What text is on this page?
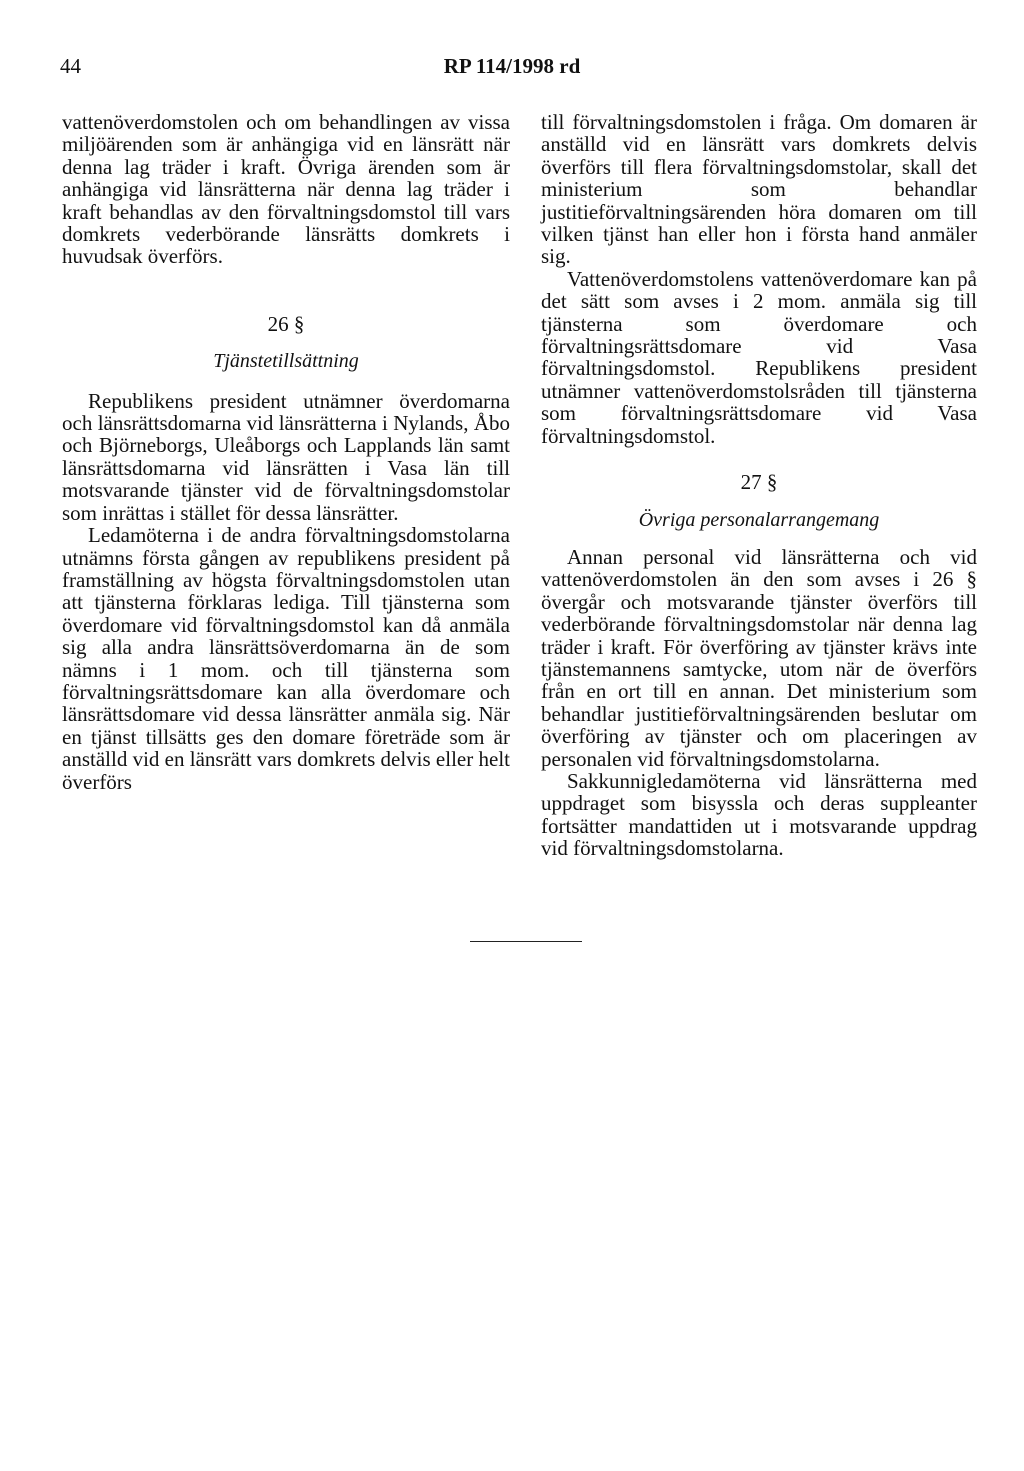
44	RP 114/1998 rd

vattenöverdomstolen och om behandlingen av vissa miljöärenden som är anhängiga vid en länsrätt när denna lag träder i kraft. Övriga ärenden som är anhängiga vid länsrätterna när denna lag träder i kraft behandlas av den förvaltningsdomstol till vars domkrets vederbörande länsrätts domkrets i huvudsak överförs.

26 §
Tjänstetillsättning

Republikens president utnämner överdomarna och länsrättsdomarna vid länsrätterna i Nylands, Åbo och Björneborgs, Uleåborgs och Lapplands län samt länsrättsdomarna vid länsrätten i Vasa län till motsvarande tjänster vid de förvaltningsdomstolar som inrättas i stället för dessa länsrätter.

Ledamöterna i de andra förvaltningsdomstolarna utnämns första gången av republikens president på framställning av högsta förvaltningsdomstolen utan att tjänsterna förklaras lediga. Till tjänsterna som överdomare vid förvaltningsdomstol kan då anmäla sig alla andra länsrättsöverdomarna än de som nämns i 1 mom. och till tjänsterna som förvaltningsrättsdomare kan alla överdomare och länsrättsdomare vid dessa länsrätter anmäla sig. När en tjänst tillsätts ges den domare företräde som är anställd vid en länsrätt vars domkrets delvis eller helt överförs

till förvaltningsdomstolen i fråga. Om domaren är anställd vid en länsrätt vars domkrets delvis överförs till flera förvaltningsdomstolar, skall det ministerium som behandlar justitieförvaltningsärenden höra domaren om till vilken tjänst han eller hon i första hand anmäler sig.

Vattenöverdomstolens vattenöverdomare kan på det sätt som avses i 2 mom. anmäla sig till tjänsterna som överdomare och förvaltningsrättsdomare vid Vasa förvaltningsdomstol. Republikens president utnämner vattenöverdomstolsråden till tjänsterna som förvaltningsrättsdomare vid Vasa förvaltningsdomstol.

27 §
Övriga personalarrangemang

Annan personal vid länsrätterna och vid vattenöverdomstolen än den som avses i 26 § övergår och motsvarande tjänster överförs till vederbörande förvaltningsdomstolar när denna lag träder i kraft. För överföring av tjänster krävs inte tjänstemannens samtycke, utom när de överförs från en ort till en annan. Det ministerium som behandlar justitieförvaltningsärenden beslutar om överföring av tjänster och om placeringen av personalen vid förvaltningsdomstolarna.

Sakkunnigledamöterna vid länsrätterna med uppdraget som bisyssla och deras suppleanter fortsätter mandattiden ut i motsvarande uppdrag vid förvaltningsdomstolarna.
